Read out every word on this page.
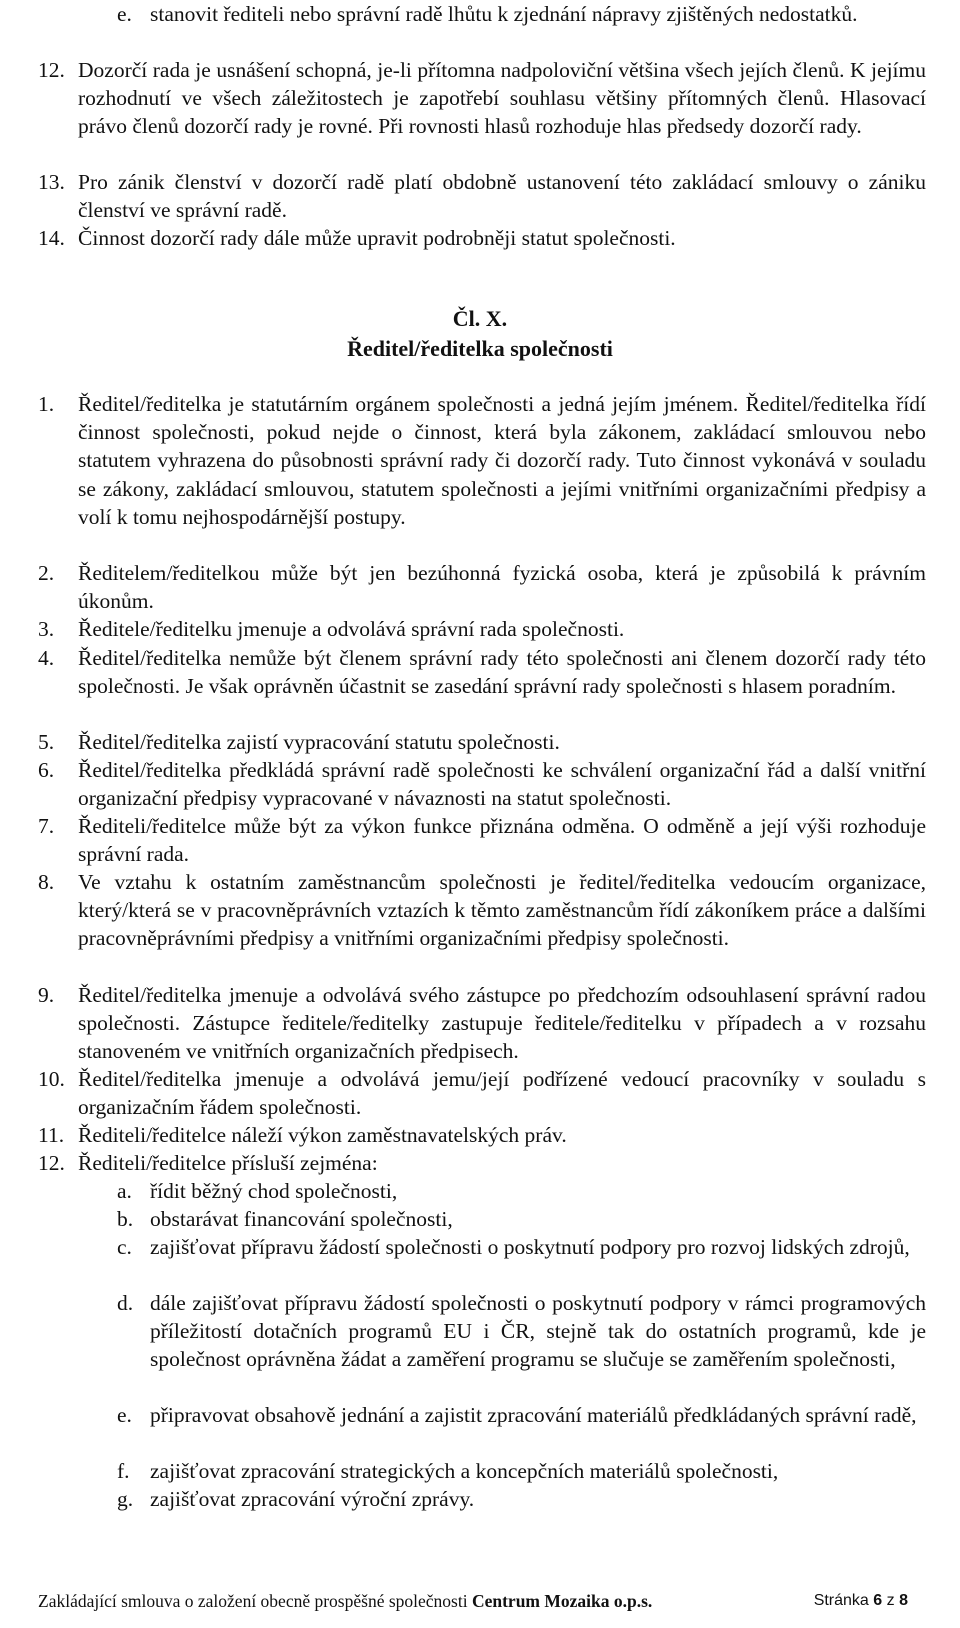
e. stanovit řediteli nebo správní radě lhůtu k zjednání nápravy zjištěných nedostatků.
12. Dozorčí rada je usnášení schopná, je-li přítomna nadpoloviční většina všech jejích členů. K jejímu rozhodnutí ve všech záležitostech je zapotřebí souhlasu většiny přítomných členů. Hlasovací právo členů dozorčí rady je rovné. Při rovnosti hlasů rozhoduje hlas předsedy dozorčí rady.
13. Pro zánik členství v dozorčí radě platí obdobně ustanovení této zakládací smlouvy o zániku členství ve správní radě.
14. Činnost dozorčí rady dále může upravit podrobněji statut společnosti.
Čl. X.
Ředitel/ředitelka společnosti
1. Ředitel/ředitelka je statutárním orgánem společnosti a jedná jejím jménem. Ředitel/ředitelka řídí činnost společnosti, pokud nejde o činnost, která byla zákonem, zakládací smlouvou nebo statutem vyhrazena do působnosti správní rady či dozorčí rady. Tuto činnost vykonává v souladu se zákony, zakládací smlouvou, statutem společnosti a jejími vnitřními organizačními předpisy a volí k tomu nejhospodárnější postupy.
2. Ředitelem/ředitelkou může být jen bezúhonná fyzická osoba, která je způsobilá k právním úkonům.
3. Ředitele/ředitelku jmenuje a odvolává správní rada společnosti.
4. Ředitel/ředitelka nemůže být členem správní rady této společnosti ani členem dozorčí rady této společnosti. Je však oprávněn účastnit se zasedání správní rady společnosti s hlasem poradním.
5. Ředitel/ředitelka zajistí vypracování statutu společnosti.
6. Ředitel/ředitelka předkládá správní radě společnosti ke schválení organizační řád a další vnitřní organizační předpisy vypracované v návaznosti na statut společnosti.
7. Řediteli/ředitelce může být za výkon funkce přiznána odměna. O odměně a její výši rozhoduje správní rada.
8. Ve vztahu k ostatním zaměstnancům společnosti je ředitel/ředitelka vedoucím organizace, který/která se v pracovněprávních vztazích k těmto zaměstnancům řídí zákoníkem práce a dalšími pracovněprávními předpisy a vnitřními organizačními předpisy společnosti.
9. Ředitel/ředitelka jmenuje a odvolává svého zástupce po předchozím odsouhlasení správní radou společnosti. Zástupce ředitele/ředitelky zastupuje ředitele/ředitelku v případech a v rozsahu stanoveném ve vnitřních organizačních předpisech.
10. Ředitel/ředitelka jmenuje a odvolává jemu/její podřízené vedoucí pracovníky v souladu s organizačním řádem společnosti.
11. Řediteli/ředitelce náleží výkon zaměstnavatelských práv.
12. Řediteli/ředitelce přísluší zejména:
a. řídit běžný chod společnosti,
b. obstarávat financování společnosti,
c. zajišťovat přípravu žádostí společnosti o poskytnutí podpory pro rozvoj lidských zdrojů,
d. dále zajišťovat přípravu žádostí společnosti o poskytnutí podpory v rámci programových příležitostí dotačních programů EU i ČR, stejně tak do ostatních programů, kde je společnost oprávněna žádat a zaměření programu se slučuje se zaměřením společnosti,
e. připravovat obsahově jednání a zajistit zpracování materiálů předkládaných správní radě,
f. zajišťovat zpracování strategických a koncepčních materiálů společnosti,
g. zajišťovat zpracování výroční zprávy.
Zakládající smlouva o založení obecně prospěšné společnosti Centrum Mozaika o.p.s.	Stránka 6 z 8
